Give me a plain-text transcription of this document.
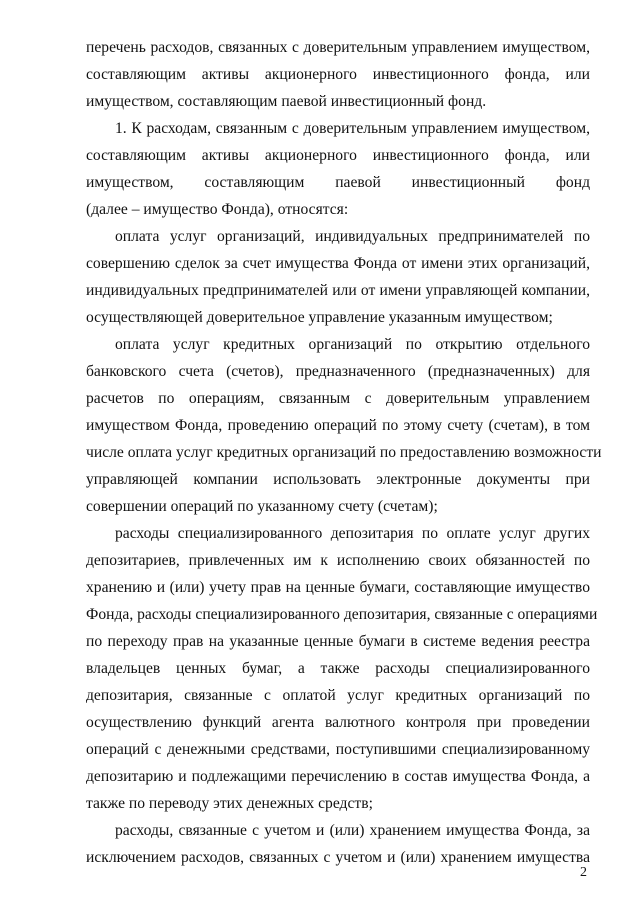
перечень расходов, связанных с доверительным управлением имуществом,
составляющим активы акционерного инвестиционного фонда, или
имуществом, составляющим паевой инвестиционный фонд.
1. К расходам, связанным с доверительным управлением имуществом,
составляющим активы акционерного инвестиционного фонда, или
имуществом, составляющим паевой инвестиционный фонд
(далее – имущество Фонда), относятся:
оплата услуг организаций, индивидуальных предпринимателей по
совершению сделок за счет имущества Фонда от имени этих организаций,
индивидуальных предпринимателей или от имени управляющей компании,
осуществляющей доверительное управление указанным имуществом;
оплата услуг кредитных организаций по открытию отдельного
банковского счета (счетов), предназначенного (предназначенных) для
расчетов по операциям, связанным с доверительным управлением
имуществом Фонда, проведению операций по этому счету (счетам), в том
числе оплата услуг кредитных организаций по предоставлению возможности
управляющей компании использовать электронные документы при
совершении операций по указанному счету (счетам);
расходы специализированного депозитария по оплате услуг других
депозитариев, привлеченных им к исполнению своих обязанностей по
хранению и (или) учету прав на ценные бумаги, составляющие имущество
Фонда, расходы специализированного депозитария, связанные с операциями
по переходу прав на указанные ценные бумаги в системе ведения реестра
владельцев ценных бумаг, а также расходы специализированного
депозитария, связанные с оплатой услуг кредитных организаций по
осуществлению функций агента валютного контроля при проведении
операций с денежными средствами, поступившими специализированному
депозитарию и подлежащими перечислению в состав имущества Фонда, а
также по переводу этих денежных средств;
расходы, связанные с учетом и (или) хранением имущества Фонда, за
исключением расходов, связанных с учетом и (или) хранением имущества
2
